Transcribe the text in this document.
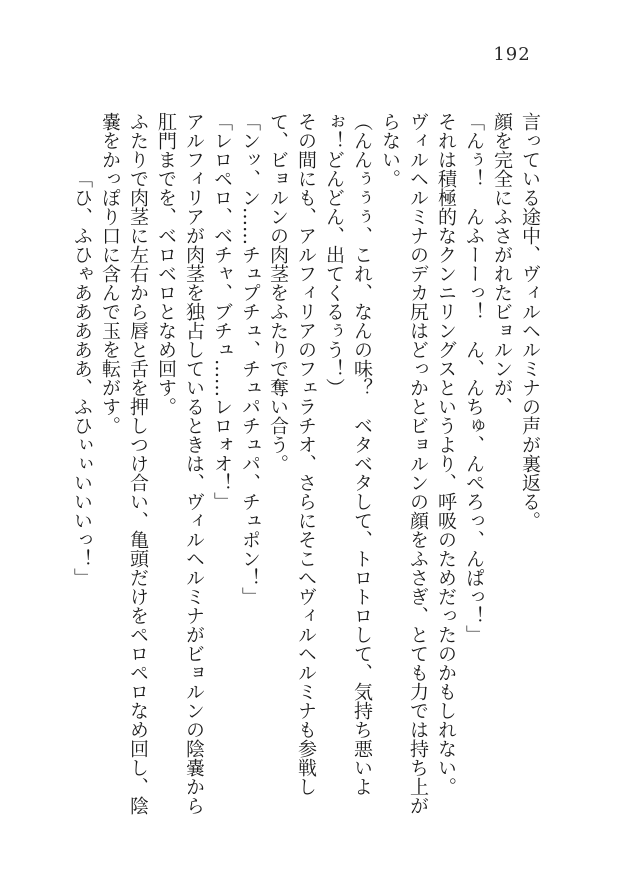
192

言っている途中、ヴィルヘルミナの声が裏返る。

顔を完全にふさがれたビョルンが、

「んぅ！　んふーーっ！　ん、んちゅ、んぺろっ、んぱっ！」

それは積極的なクンニリングスというより、呼吸のためだったのかもしれない。

ヴィルヘルミナのデカ尻はどっかとビョルンの顔をふさぎ、とても力では持ち上がらない。

（んんぅぅぅ、これ、なんの味？　ベタベタして、トロトロして、気持ち悪いよぉ！どんどん、出てくるぅう！）

その間にも、アルフィリアのフェラチオ、さらにそこへヴィルヘルミナも参戦して、ビョルンの肉茎をふたりで奪い合う。

「ンッ、ン……チュプチュ、チュパチュパ、チュポン！」

「レロペロ、ベチャ、ブチュ……レロォオ！」

アルフィリアが肉茎を独占しているときは、ヴィルヘルミナがビョルンの陰嚢から肛門までを、ベロベロとなめ回す。

ふたりで肉茎に左右から唇と舌を押しつけ合い、亀頭だけをペロペロなめ回し、陰嚢をかっぽり口に含んで玉を転がす。

「ひ、ふひゃあああああ、ふひぃぃいいいっ！」
